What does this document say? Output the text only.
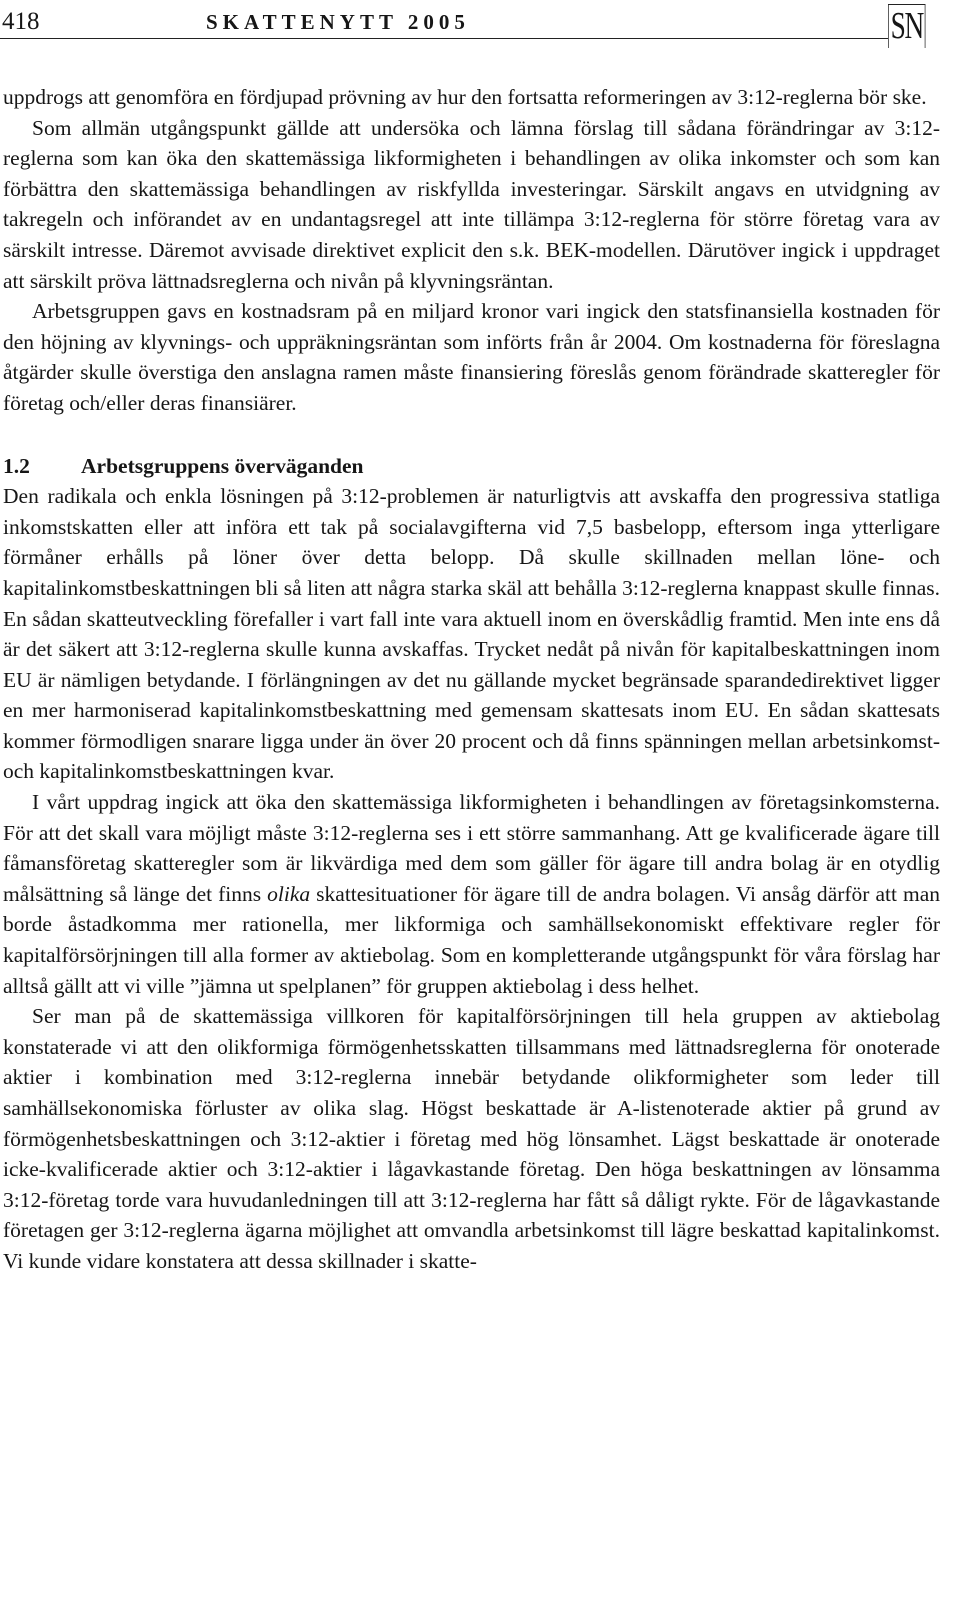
418	SKATTENYTT 2005	SN

uppdrogs att genomföra en fördjupad prövning av hur den fortsatta reformeringen av 3:12-reglerna bör ske.

Som allmän utgångspunkt gällde att undersöka och lämna förslag till sådana förändringar av 3:12-reglerna som kan öka den skattemässiga likformigheten i behandlingen av olika inkomster och som kan förbättra den skattemässiga behandlingen av riskfyllda investeringar. Särskilt angavs en utvidgning av takregeln och införandet av en undantagsregel att inte tillämpa 3:12-reglerna för större företag vara av särskilt intresse. Däremot avvisade direktivet explicit den s.k. BEK-modellen. Därutöver ingick i uppdraget att särskilt pröva lättnadsreglerna och nivån på klyvningsräntan.

Arbetsgruppen gavs en kostnadsram på en miljard kronor vari ingick den statsfinansiella kostnaden för den höjning av klyvnings- och uppräkningsräntan som införts från år 2004. Om kostnaderna för föreslagna åtgärder skulle överstiga den anslagna ramen måste finansiering föreslås genom förändrade skatteregler för företag och/eller deras finansiärer.

1.2 Arbetsgruppens överväganden

Den radikala och enkla lösningen på 3:12-problemen är naturligtvis att avskaffa den progressiva statliga inkomstskatten eller att införa ett tak på socialavgifterna vid 7,5 basbelopp, eftersom inga ytterligare förmåner erhålls på löner över detta belopp. Då skulle skillnaden mellan löne- och kapitalinkomstbeskattningen bli så liten att några starka skäl att behålla 3:12-reglerna knappast skulle finnas. En sådan skatteutveckling förefaller i vart fall inte vara aktuell inom en överskådlig framtid. Men inte ens då är det säkert att 3:12-reglerna skulle kunna avskaffas. Trycket nedåt på nivån för kapitalbeskattningen inom EU är nämligen betydande. I förlängningen av det nu gällande mycket begränsade sparandedirektivet ligger en mer harmoniserad kapitalinkomstbeskattning med gemensam skattesats inom EU. En sådan skattesats kommer förmodligen snarare ligga under än över 20 procent och då finns spänningen mellan arbetsinkomst- och kapitalinkomstbeskattningen kvar.

I vårt uppdrag ingick att öka den skattemässiga likformigheten i behandlingen av företagsinkomsterna. För att det skall vara möjligt måste 3:12-reglerna ses i ett större sammanhang. Att ge kvalificerade ägare till fåmansföretag skatteregler som är likvärdiga med dem som gäller för ägare till andra bolag är en otydlig målsättning så länge det finns olika skattesituationer för ägare till de andra bolagen. Vi ansåg därför att man borde åstadkomma mer rationella, mer likformiga och samhällsekonomiskt effektivare regler för kapitalförsörjningen till alla former av aktiebolag. Som en kompletterande utgångspunkt för våra förslag har alltså gällt att vi ville ”jämna ut spelplanen” för gruppen aktiebolag i dess helhet.

Ser man på de skattemässiga villkoren för kapitalförsörjningen till hela gruppen av aktiebolag konstaterade vi att den olikformiga förmögenhetsskatten tillsammans med lättnadsreglerna för onoterade aktier i kombination med 3:12-reglerna innebär betydande olikformigheter som leder till samhällsekonomiska förluster av olika slag. Högst beskattade är A-listenoterade aktier på grund av förmögenhetsbeskattningen och 3:12-aktier i företag med hög lönsamhet. Lägst beskattade är onoterade icke-kvalificerade aktier och 3:12-aktier i lågavkastande företag. Den höga beskattningen av lönsamma 3:12-företag torde vara huvudanledningen till att 3:12-reglerna har fått så dåligt rykte. För de lågavkastande företagen ger 3:12-reglerna ägarna möjlighet att omvandla arbetsinkomst till lägre beskattad kapitalinkomst. Vi kunde vidare konstatera att dessa skillnader i skatte-
